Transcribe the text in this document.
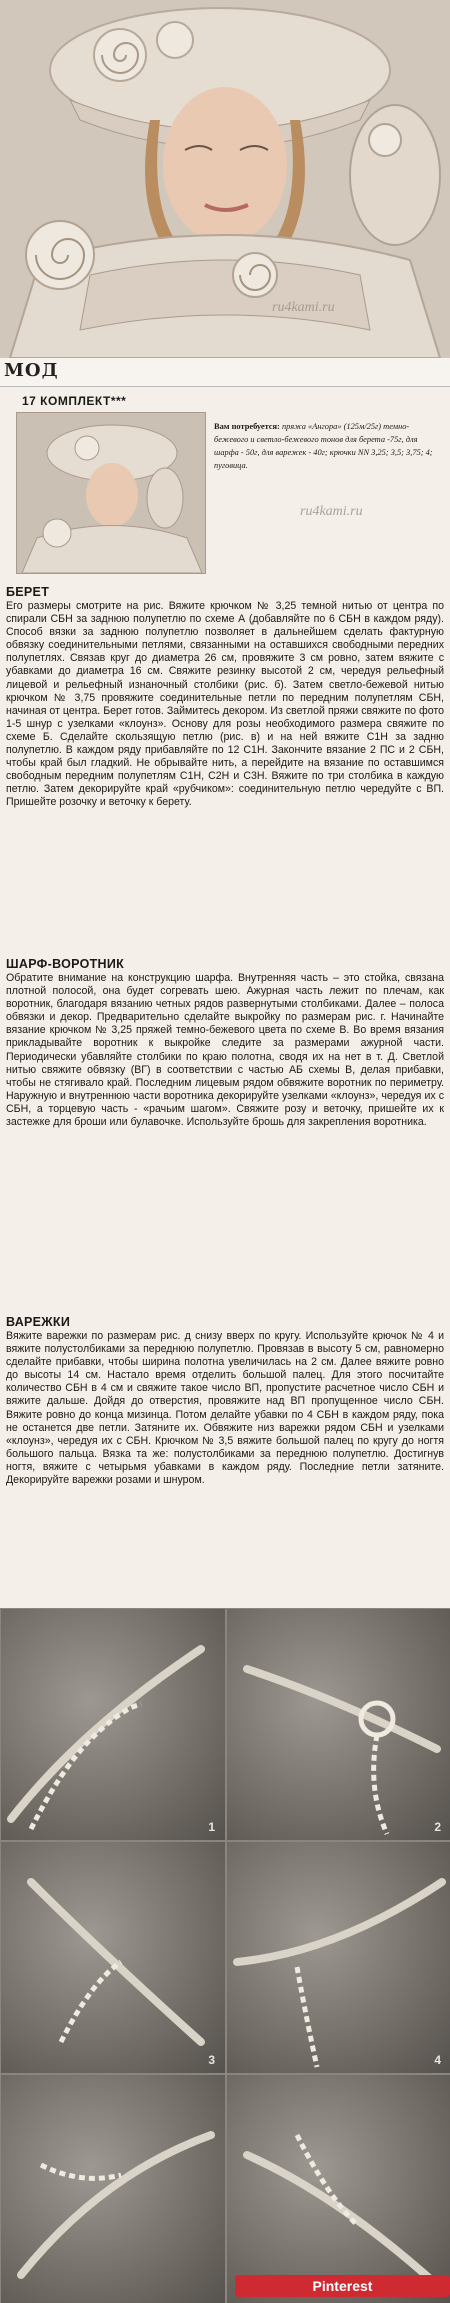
ru4kami.ru
МОД
17 КОМПЛЕКТ***
Вам потребуется: пряжа «Ангора» (125м/25г) темно-бежевого и светло-бежевого тонов для берета -75г, для шарфа - 50г, для варежек - 40г; крючки NN 3,25; 3,5; 3,75; 4; пуговица.
ru4kami.ru
БЕРЕТ

Его размеры смотрите на рис. Вяжите крючком № 3,25 темной нитью от центра по спирали СБН за заднюю полупетлю по схеме А (добавляйте по 6 СБН в каждом ряду). Способ вязки за заднюю полупетлю позволяет в дальнейшем сделать фактурную обвязку соединительными петлями, связанными на оставшихся свободными передних полупетлях. Связав круг до диаметра 26 см, провяжите 3 см ровно, затем вяжите с убавками до диаметра 16 см. Свяжите резинку высотой 2 см, чередуя рельефный лицевой и рельефный изнаночный столбики (рис. б). Затем светло-бежевой нитью крючком № 3,75 провяжите соединительные петли по передним полупетлям СБН, начиная от центра. Берет готов. Займитесь декором. Из светлой пряжи свяжите по фото 1-5 шнур с узелками «клоунз». Основу для розы необходимого размера свяжите по схеме Б. Сделайте скользящую петлю (рис. в) и на ней вяжите С1Н за задню полупетлю. В каждом ряду прибавляйте по 12 С1Н. Закончите вязание 2 ПС и 2 СБН, чтобы край был гладкий. Не обрывайте нить, а перейдите на вязание по оставшимся свободным передним полупетлям С1Н, С2Н и С3Н. Вяжите по три столбика в каждую петлю. Затем декорируйте край «рубчиком»: соединительную петлю чередуйте с ВП. Пришейте розочку и веточку к берету.

ШАРФ-ВОРОТНИК

Обратите внимание на конструкцию шарфа. Внутренняя часть – это стойка, связана плотной полосой, она будет согревать шею. Ажурная часть лежит по плечам, как воротник, благодаря вязанию четных рядов развернутыми столбиками. Далее – полоса обвязки и декор. Предварительно сделайте выкройку по размерам рис. г. Начинайте вязание крючком № 3,25 пряжей темно-бежевого цвета по схеме В. Во время вязания прикладывайте воротник к выкройке следите за размерами ажурной части. Периодически убавляйте столбики по краю полотна, сводя их на нет в т. Д. Светлой нитью свяжите обвязку (ВГ) в соответствии с частью АБ схемы В, делая прибавки, чтобы не стягивало край. Последним лицевым рядом обвяжите воротник по периметру. Наружную и внутреннюю части воротника декорируйте узелками «клоунз», чередуя их с СБН, а торцевую часть - «рачьим шагом». Свяжите розу и веточку, пришейте их к застежке для броши или булавочке. Используйте брошь для закрепления воротника.

ВАРЕЖКИ

Вяжите варежки по размерам рис. д снизу вверх по кругу. Используйте крючок № 4 и вяжите полустолбиками за переднюю полупетлю. Провязав в высоту 5 см, равномерно сделайте прибавки, чтобы ширина полотна увеличилась на 2 см. Далее вяжите ровно до высоты 14 см. Настало время отделить большой палец. Для этого посчитайте количество СБН в 4 см и свяжите такое число ВП, пропустите расчетное число СБН и вяжите дальше. Дойдя до отверстия, провяжите над ВП пропущенное число СБН. Вяжите ровно до конца мизинца. Потом делайте убавки по 4 СБН в каждом ряду, пока не останется две петли. Затяните их. Обвяжите низ варежки рядом СБН и узелками «клоунз», чередуя их с СБН. Крючком № 3,5 вяжите большой палец по кругу до ногтя большого пальца. Вязка та же: полустолбиками за переднюю полупетлю. Достигнув ногтя, вяжите с четырьмя убавками в каждом ряду. Последние петли затяните. Декорируйте варежки розами и шнуром.

1	2
3	4
Pinterest
